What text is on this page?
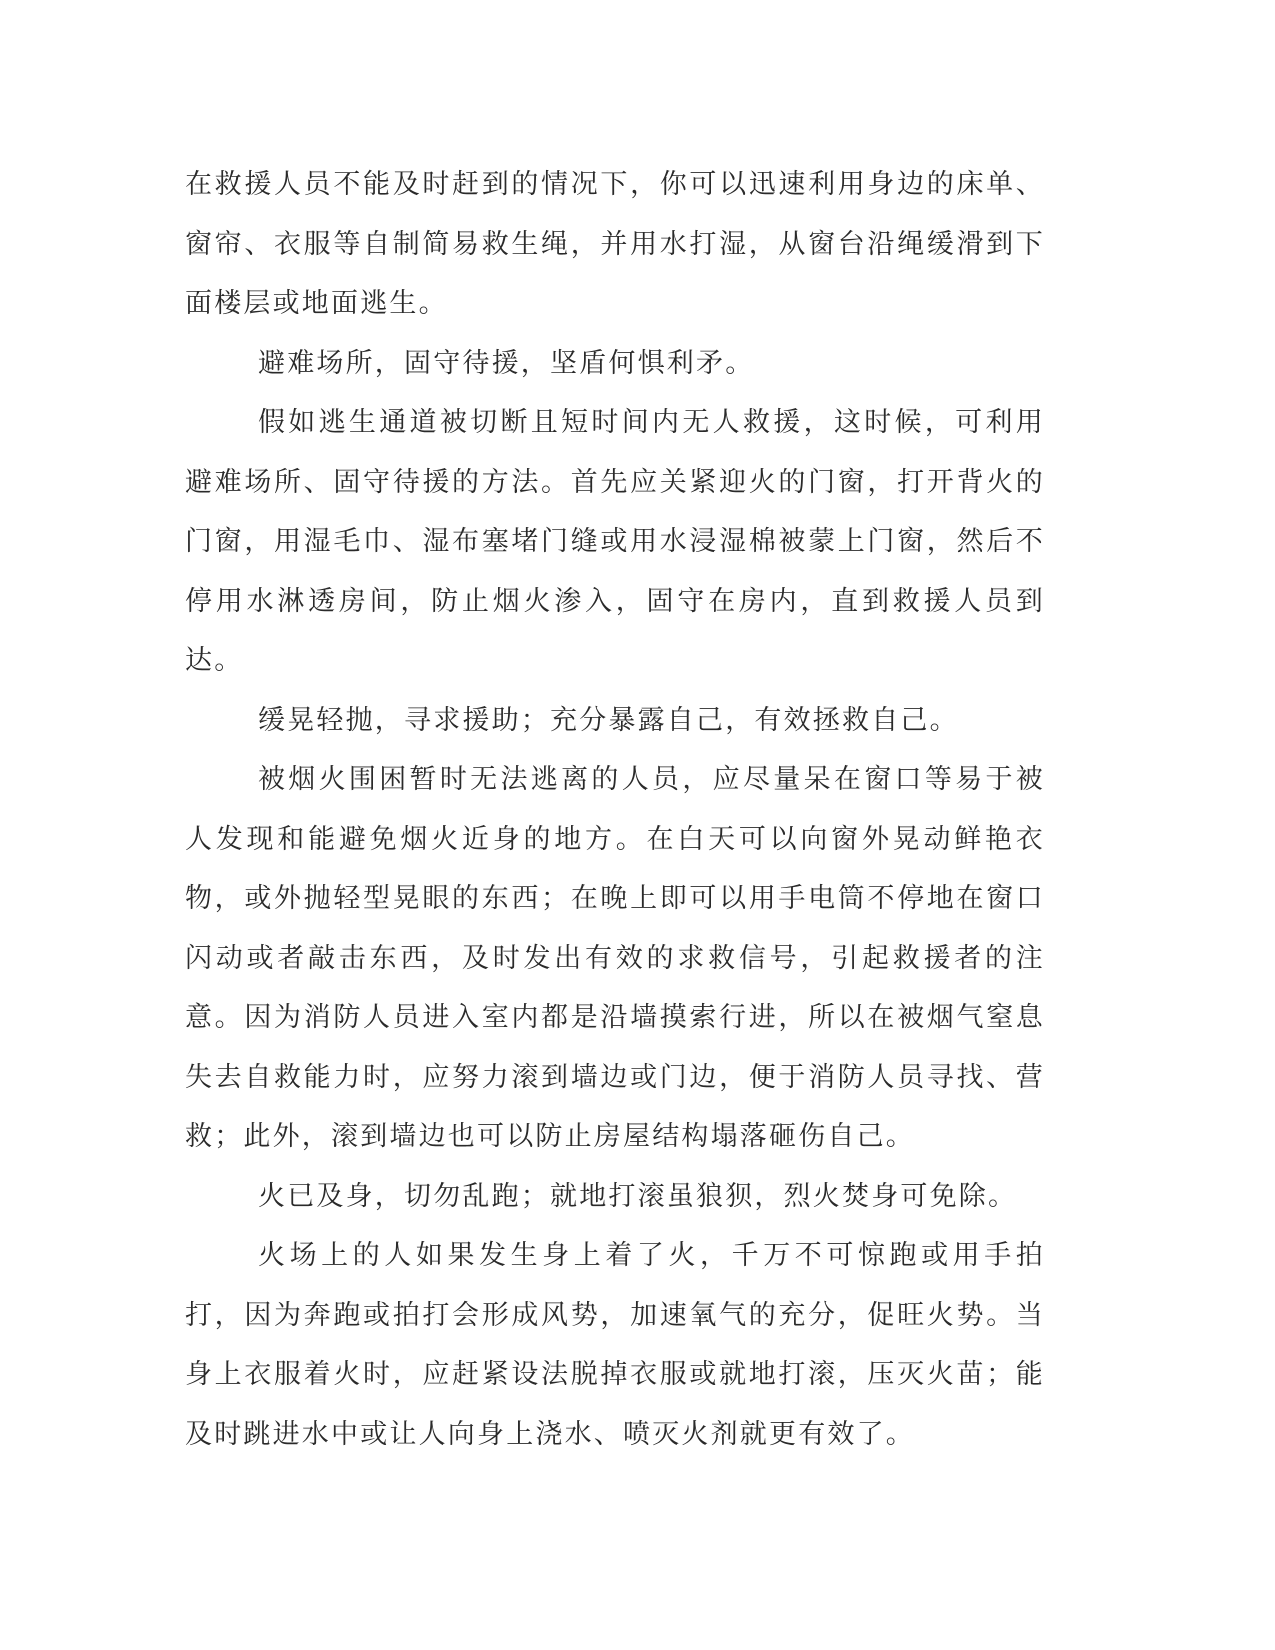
在救援人员不能及时赶到的情况下，你可以迅速利用身边的床单、窗帘、衣服等自制简易救生绳，并用水打湿，从窗台沿绳缓滑到下面楼层或地面逃生。

避难场所，固守待援，坚盾何惧利矛。

假如逃生通道被切断且短时间内无人救援，这时候，可利用避难场所、固守待援的方法。首先应关紧迎火的门窗，打开背火的门窗，用湿毛巾、湿布塞堵门缝或用水浸湿棉被蒙上门窗，然后不停用水淋透房间，防止烟火渗入，固守在房内，直到救援人员到达。

缓晃轻抛，寻求援助；充分暴露自己，有效拯救自己。

被烟火围困暂时无法逃离的人员，应尽量呆在窗口等易于被人发现和能避免烟火近身的地方。在白天可以向窗外晃动鲜艳衣物，或外抛轻型晃眼的东西；在晚上即可以用手电筒不停地在窗口闪动或者敲击东西，及时发出有效的求救信号，引起救援者的注意。因为消防人员进入室内都是沿墙摸索行进，所以在被烟气窒息失去自救能力时，应努力滚到墙边或门边，便于消防人员寻找、营救；此外，滚到墙边也可以防止房屋结构塌落砸伤自己。

火已及身，切勿乱跑；就地打滚虽狼狈，烈火焚身可免除。

火场上的人如果发生身上着了火，千万不可惊跑或用手拍打，因为奔跑或拍打会形成风势，加速氧气的充分，促旺火势。当身上衣服着火时，应赶紧设法脱掉衣服或就地打滚，压灭火苗；能及时跳进水中或让人向身上浇水、喷灭火剂就更有效了。
